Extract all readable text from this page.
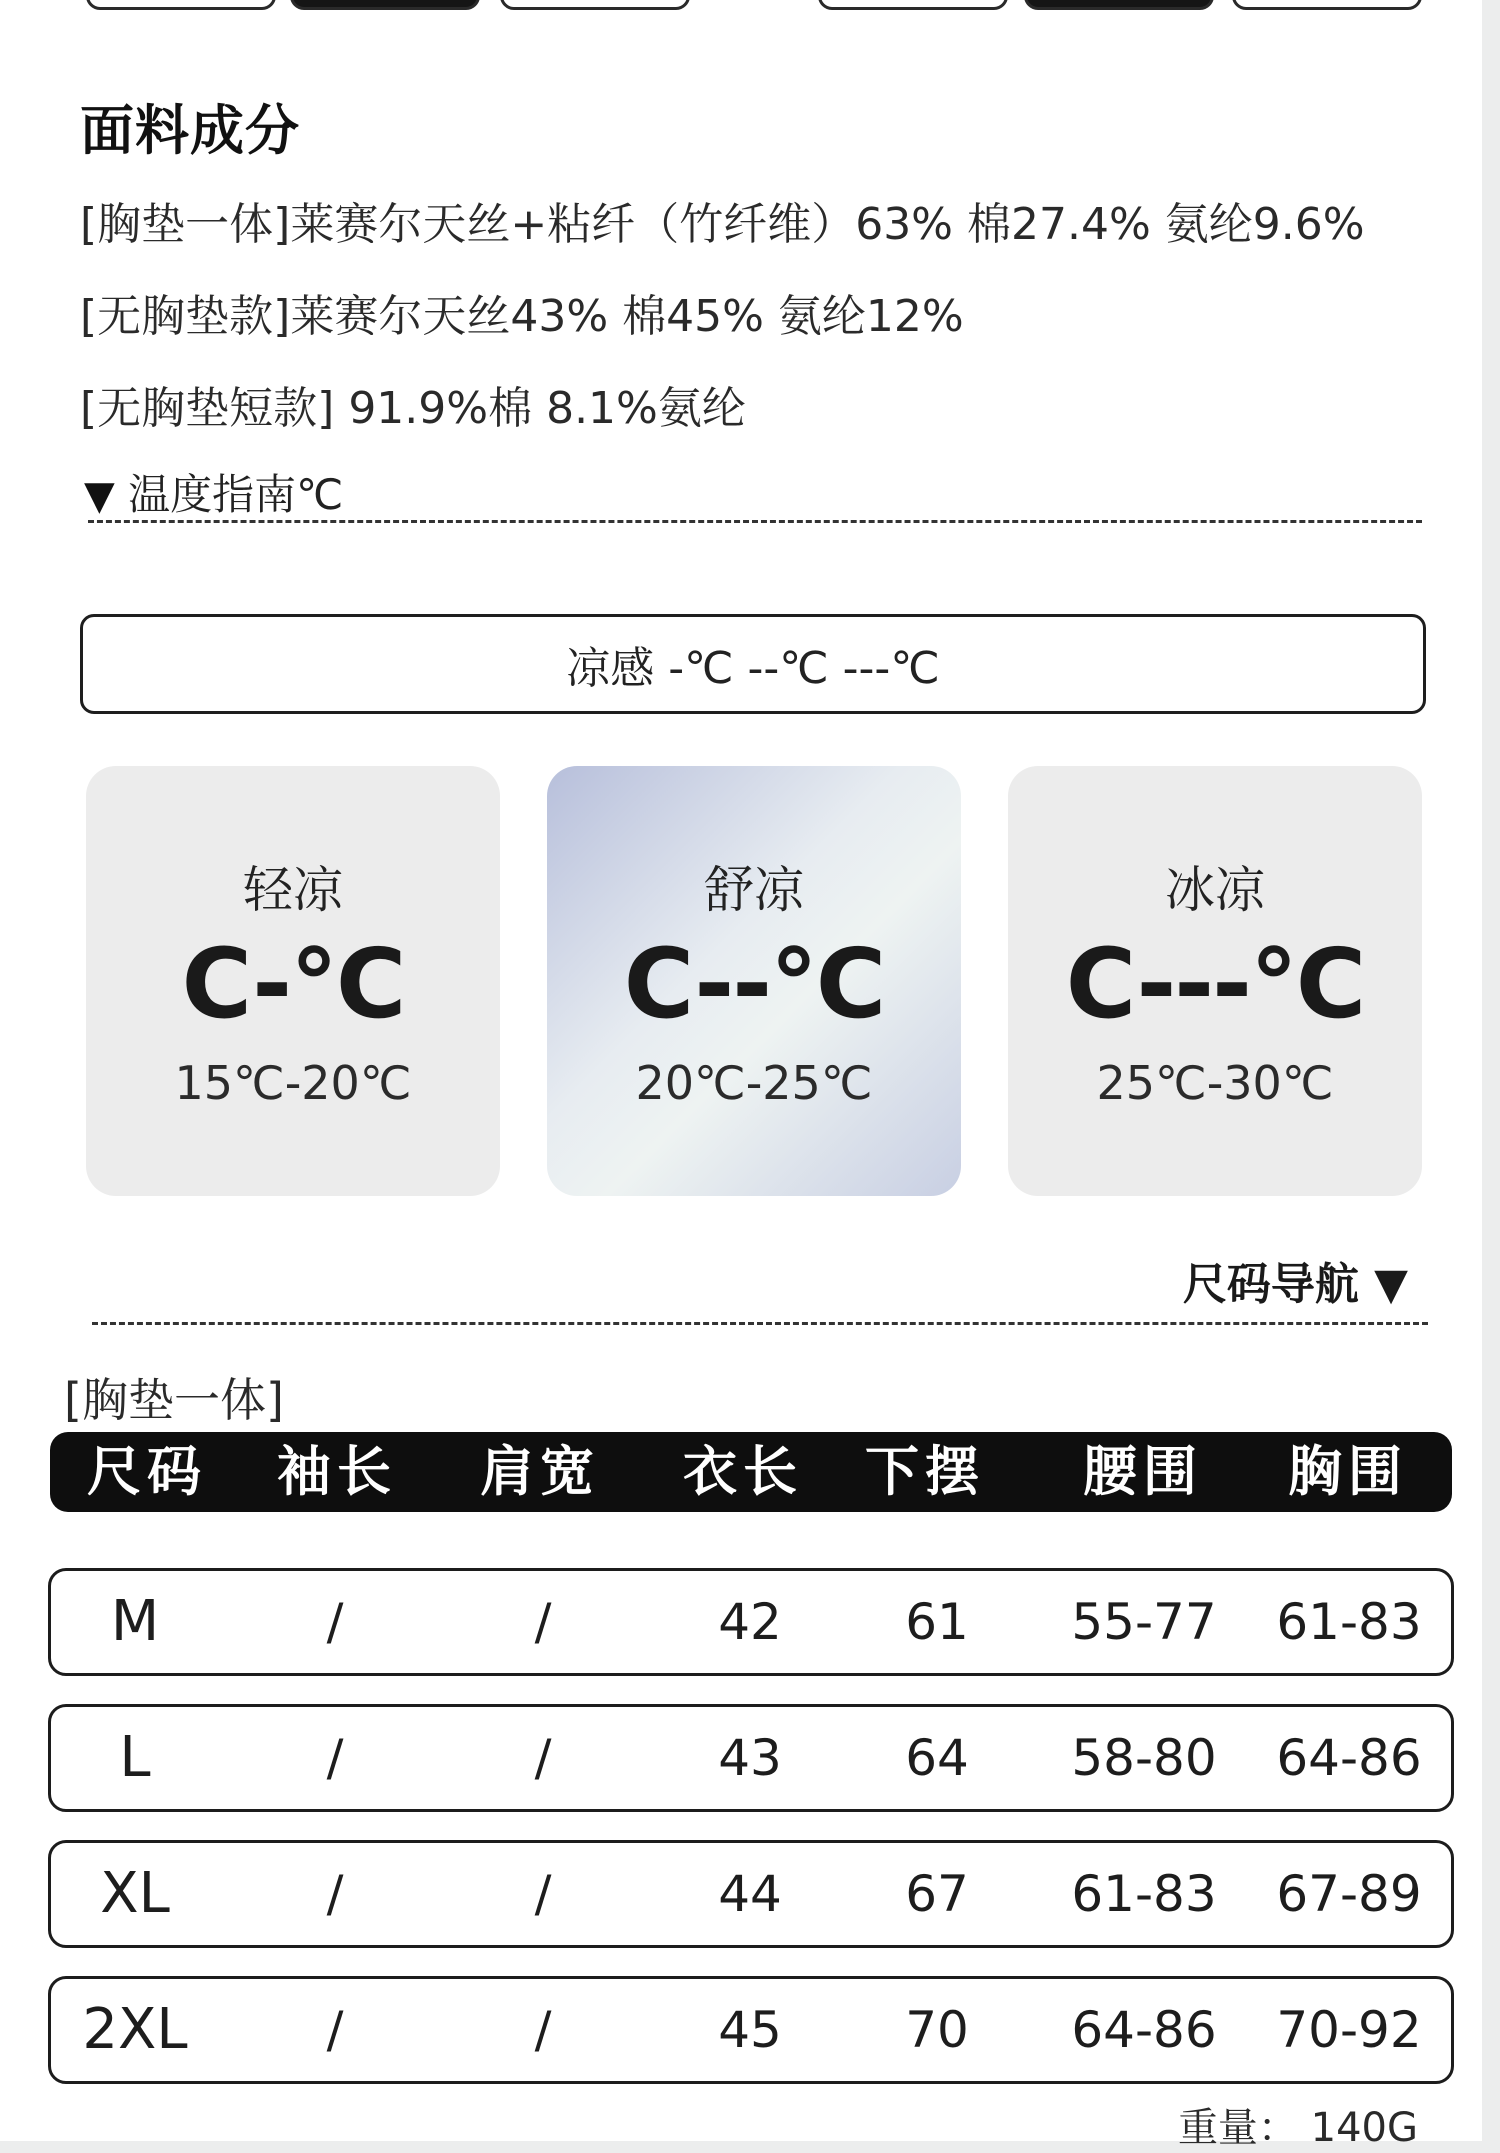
面料成分
[胸垫一体]莱赛尔天丝+粘纤（竹纤维）63% 棉27.4% 氨纶9.6%
[无胸垫款]莱赛尔天丝43% 棉45% 氨纶12%
[无胸垫短款] 91.9%棉 8.1%氨纶
▼ 温度指南℃
凉感 -℃ --℃ ---℃
轻凉
C-℃
15℃-20℃
舒凉
C--℃
20℃-25℃
冰凉
C---℃
25℃-30℃
尺码导航 ▼
[胸垫一体]
尺码 袖长 肩宽 衣长 下摆 腰围 胸围
M	/	/	42 61 55-77 61-83
L	/	/	43 64 58-80 64-86
XL	/	/	44 67 61-83 67-89
2XL	/	/	45 70 64-86 70-92
重量： 140G
